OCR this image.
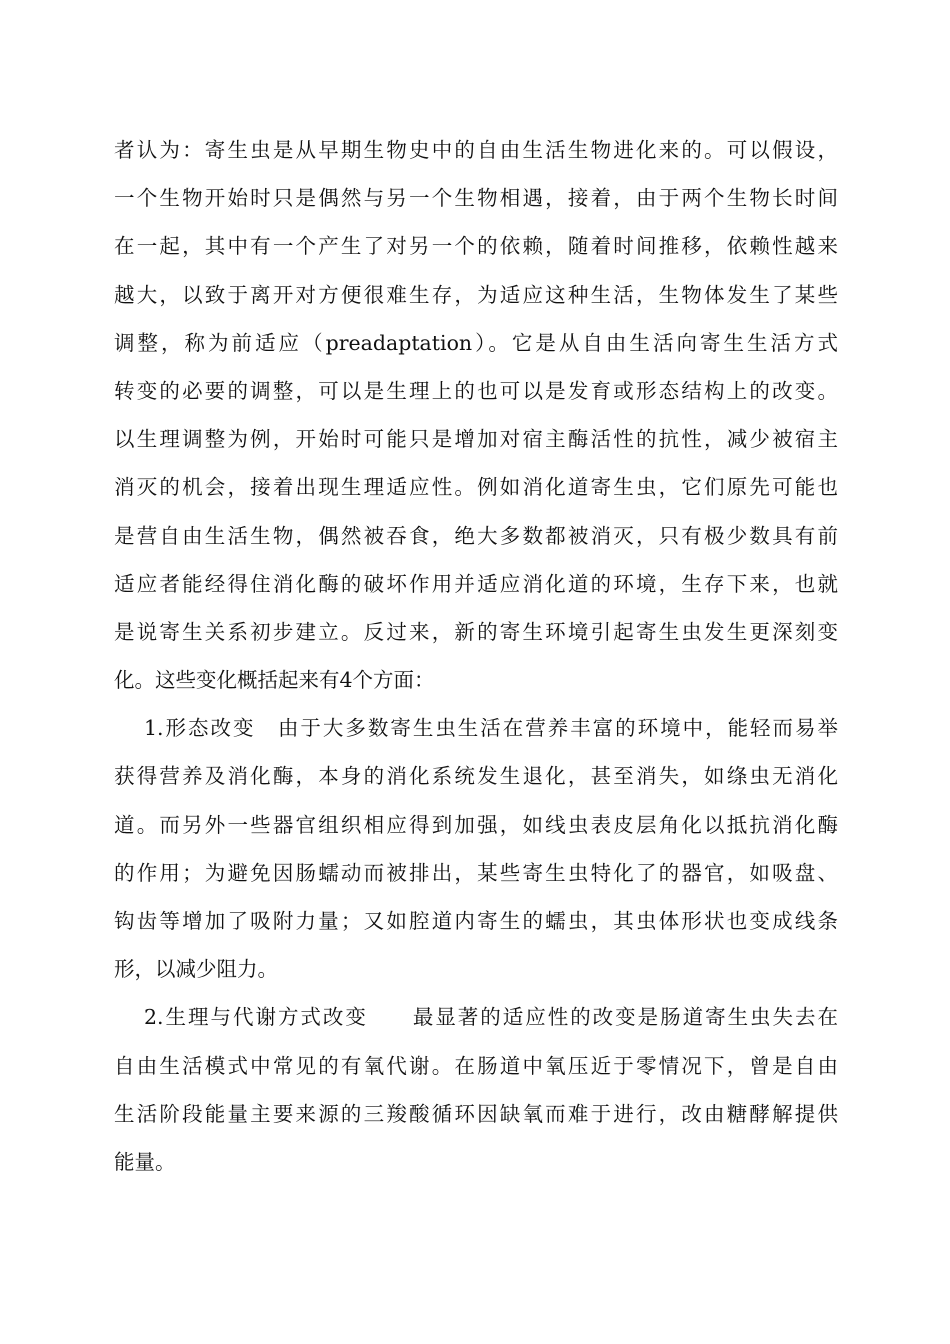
者认为：寄生虫是从早期生物史中的自由生活生物进化来的。可以假设，
一个生物开始时只是偶然与另一个生物相遇，接着，由于两个生物长时间
在一起，其中有一个产生了对另一个的依赖，随着时间推移，依赖性越来
越大，以致于离开对方便很难生存，为适应这种生活，生物体发生了某些
调整，称为前适应（preadaptation）。它是从自由生活向寄生生活方式
转变的必要的调整，可以是生理上的也可以是发育或形态结构上的改变。
以生理调整为例，开始时可能只是增加对宿主酶活性的抗性，减少被宿主
消灭的机会，接着出现生理适应性。例如消化道寄生虫，它们原先可能也
是营自由生活生物，偶然被吞食，绝大多数都被消灭，只有极少数具有前
适应者能经得住消化酶的破坏作用并适应消化道的环境，生存下来，也就
是说寄生关系初步建立。反过来，新的寄生环境引起寄生虫发生更深刻变
化。这些变化概括起来有4个方面：
1.形态改变　由于大多数寄生虫生活在营养丰富的环境中，能轻而易举
获得营养及消化酶，本身的消化系统发生退化，甚至消失，如绦虫无消化
道。而另外一些器官组织相应得到加强，如线虫表皮层角化以抵抗消化酶
的作用；为避免因肠蠕动而被排出，某些寄生虫特化了的器官，如吸盘、
钩齿等增加了吸附力量；又如腔道内寄生的蠕虫，其虫体形状也变成线条
形，以减少阻力。
2.生理与代谢方式改变　　最显著的适应性的改变是肠道寄生虫失去在
自由生活模式中常见的有氧代谢。在肠道中氧压近于零情况下，曾是自由
生活阶段能量主要来源的三羧酸循环因缺氧而难于进行，改由糖酵解提供
能量。
